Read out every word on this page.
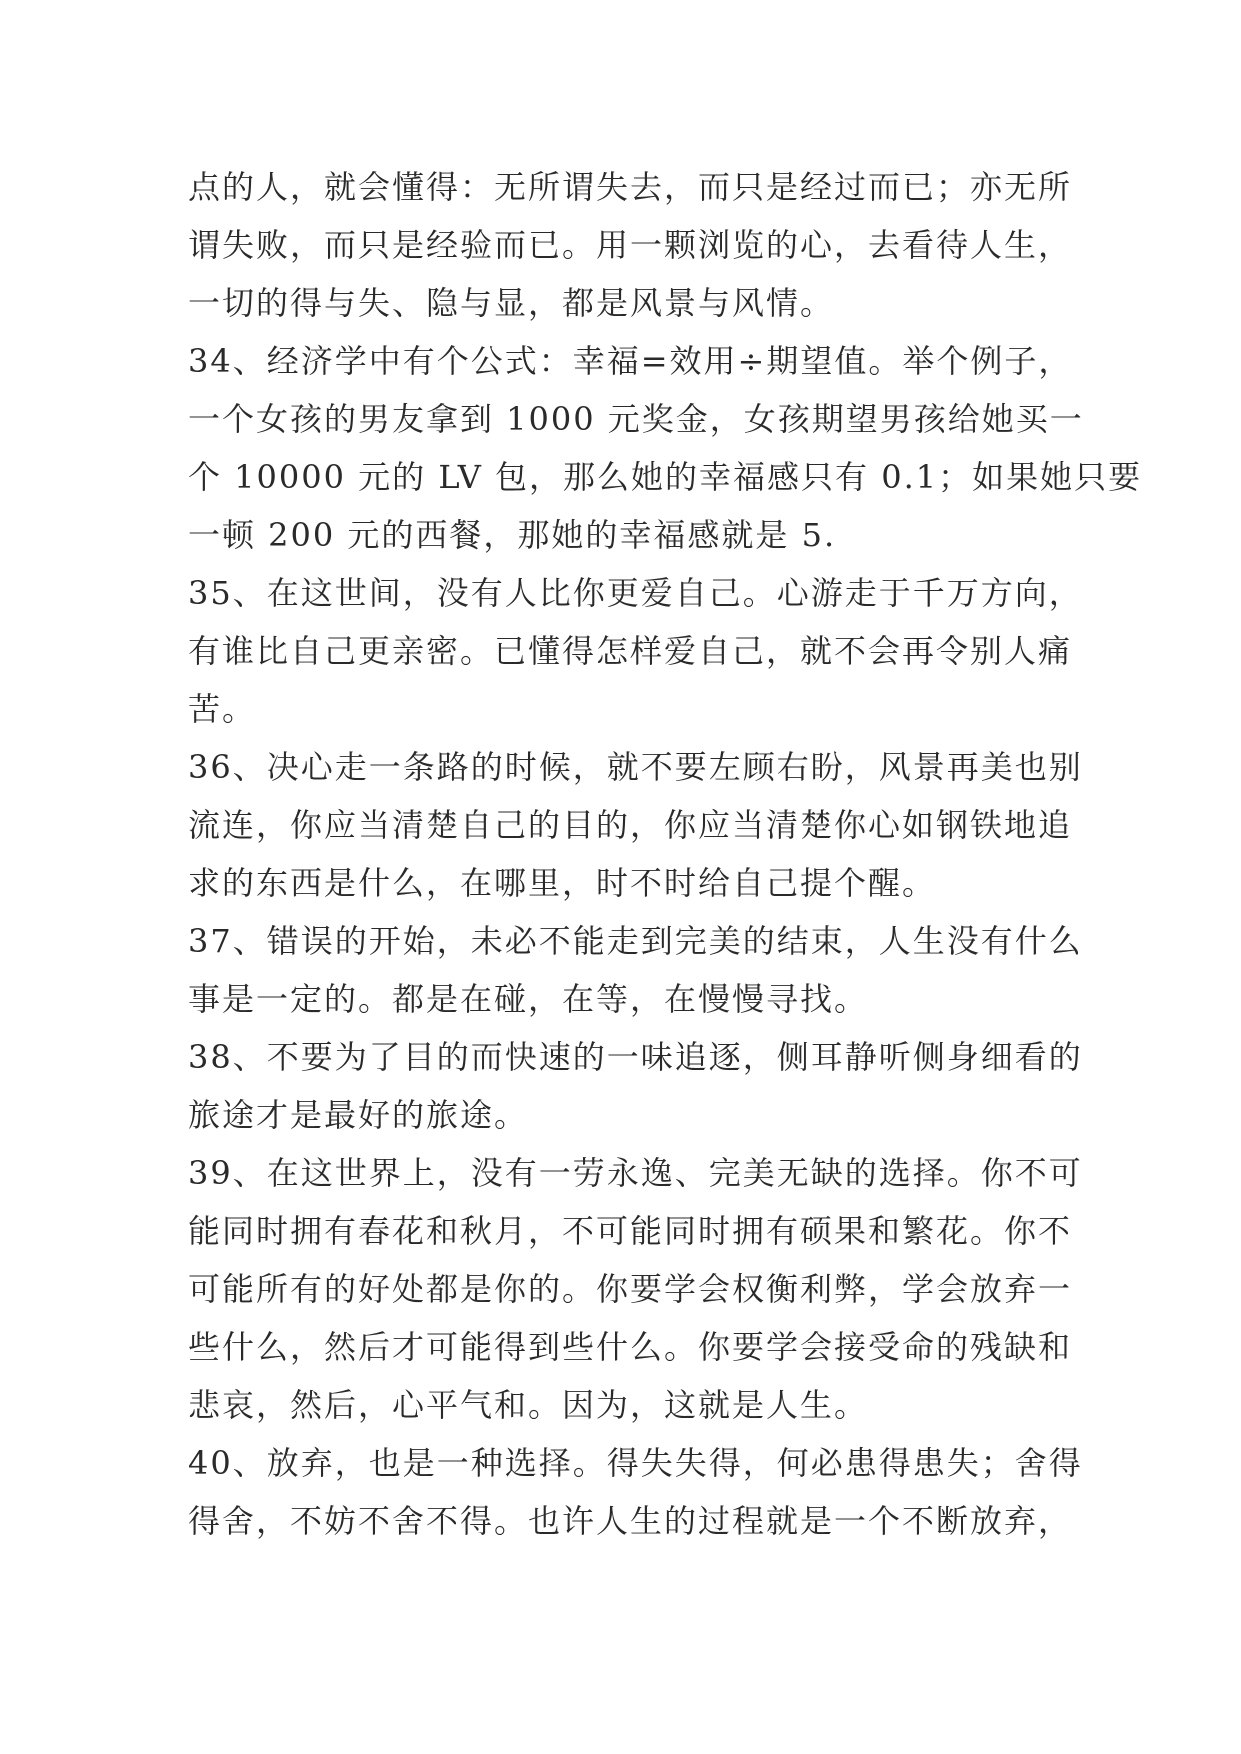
点的人，就会懂得：无所谓失去，而只是经过而已；亦无所
谓失败，而只是经验而已。用一颗浏览的心，去看待人生，
一切的得与失、隐与显，都是风景与风情。
34、经济学中有个公式：幸福=效用÷期望值。举个例子，
一个女孩的男友拿到 1000 元奖金，女孩期望男孩给她买一
个 10000 元的 LV 包，那么她的幸福感只有 0.1；如果她只要
一顿 200 元的西餐，那她的幸福感就是 5.
35、在这世间，没有人比你更爱自己。心游走于千万方向，
有谁比自己更亲密。已懂得怎样爱自己，就不会再令别人痛
苦。
36、决心走一条路的时候，就不要左顾右盼，风景再美也别
流连，你应当清楚自己的目的，你应当清楚你心如钢铁地追
求的东西是什么，在哪里，时不时给自己提个醒。
37、错误的开始，未必不能走到完美的结束，人生没有什么
事是一定的。都是在碰，在等，在慢慢寻找。
38、不要为了目的而快速的一味追逐，侧耳静听侧身细看的
旅途才是最好的旅途。
39、在这世界上，没有一劳永逸、完美无缺的选择。你不可
能同时拥有春花和秋月，不可能同时拥有硕果和繁花。你不
可能所有的好处都是你的。你要学会权衡利弊，学会放弃一
些什么，然后才可能得到些什么。你要学会接受命的残缺和
悲哀，然后，心平气和。因为，这就是人生。
40、放弃，也是一种选择。得失失得，何必患得患失；舍得
得舍，不妨不舍不得。也许人生的过程就是一个不断放弃，
